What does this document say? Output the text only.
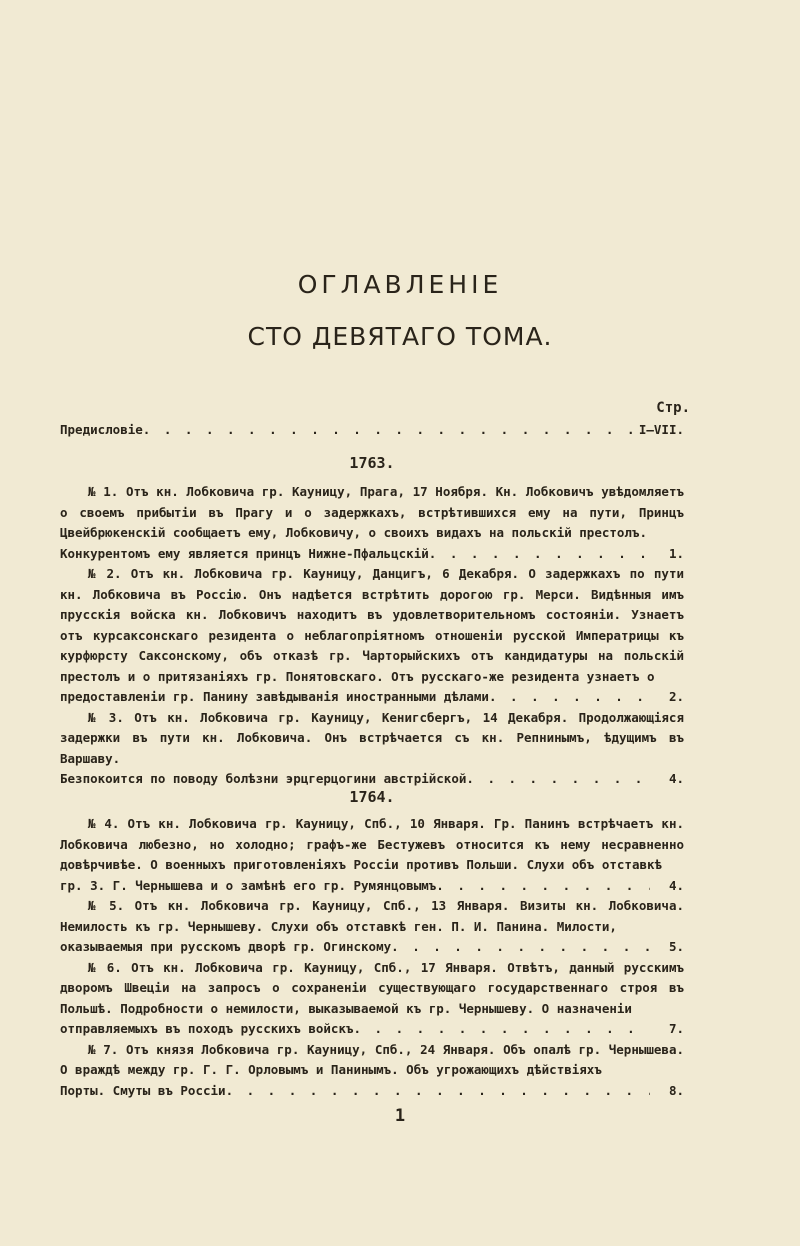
ОГЛАВЛЕНІЕ
СТО ДЕВЯТАГО ТОМА.
Стр.
Предисловіе . . .	I—VII.
1763.
№ 1. Отъ кн. Лобковича гр. Кауницу, Прага, 17 Ноября. Кн. Лобковичъ увѣдомляетъ о своемъ прибытіи въ Прагу и о задержкахъ, встрѣтившихся ему на пути, Принцъ Цвейбрюкенскій сообщаетъ ему, Лобковичу, о своихъ видахъ на польскій престолъ.
Конкурентомъ ему является принцъ Нижне-Пфальцскій . . .	1.
№ 2. Отъ кн. Лобковича гр. Кауницу, Данцигъ, 6 Декабря. О задержкахъ по пути кн. Лобковича въ Россію. Онъ надѣется встрѣтить дорогою гр. Мерси. Видѣнныя имъ прусскія войска кн. Лобковичъ находитъ въ удовлетворительномъ состояніи. Узнаетъ отъ курсаксонскаго резидента о неблагопріятномъ отношеніи русской Императрицы къ курфюрсту Саксонскому, объ отказѣ гр. Чарторыйскихъ отъ кандидатуры на польскій престолъ и о притязаніяхъ гр. Понятовскаго. Отъ русскаго-же резидента узнаетъ о
предоставленіи гр. Панину завѣдыванія иностранными дѣлами . . .	2.
№ 3. Отъ кн. Лобковича гр. Кауницу, Кенигсбергъ, 14 Декабря. Продолжающіяся задержки въ пути кн. Лобковича. Онъ встрѣчается съ кн. Репнинымъ, ѣдущимъ въ Варшаву.
Безпокоится по поводу болѣзни эрцгерцогини австрійской . . .	4.
1764.
№ 4. Отъ кн. Лобковича гр. Кауницу, Спб., 10 Января. Гр. Панинъ встрѣчаетъ кн. Лобковича любезно, но холодно; графъ-же Бестужевъ относится къ нему несравненно довѣрчивѣе. О военныхъ приготовленіяхъ Россіи противъ Польши. Слухи объ отставкѣ
гр. З. Г. Чернышева и о замѣнѣ его гр. Румянцовымъ . . .	4.
№ 5. Отъ кн. Лобковича гр. Кауницу, Спб., 13 Января. Визиты кн. Лобковича. Немилость къ гр. Чернышеву. Слухи объ отставкѣ ген. П. И. Панина. Милости,
оказываемыя при русскомъ дворѣ гр. Огинскому . . .	5.
№ 6. Отъ кн. Лобковича гр. Кауницу, Спб., 17 Января. Отвѣтъ, данный русскимъ дворомъ Швеціи на запросъ о сохраненіи существующаго государственнаго строя въ Польшѣ. Подробности о немилости, выказываемой къ гр. Чернышеву. О назначеніи
отправляемыхъ въ походъ русскихъ войскъ . . .	7.
№ 7. Отъ князя Лобковича гр. Кауницу, Спб., 24 Января. Объ опалѣ гр. Чернышева. О враждѣ между гр. Г. Г. Орловымъ и Панинымъ. Объ угрожающихъ дѣйствіяхъ
Порты. Смуты въ Россіи . . .	8.
1
